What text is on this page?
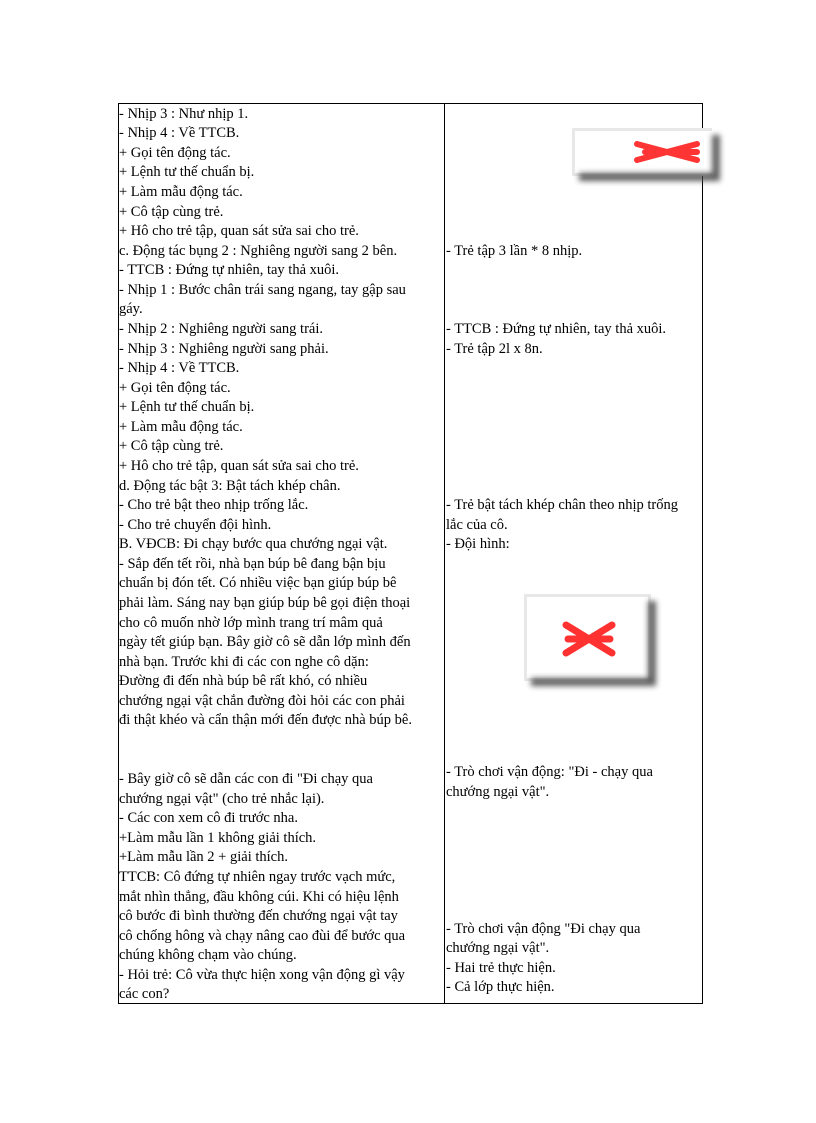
- Nhịp 3 : Như nhịp 1.
- Nhịp 4 : Về TTCB.
+ Gọi tên động tác.
+ Lệnh tư thế chuẩn bị.
+ Làm mẫu động tác.
+ Cô tập cùng trẻ.
+ Hô cho trẻ tập, quan sát sửa sai cho trẻ.
c. Động tác bụng 2 : Nghiêng người sang 2 bên.
- TTCB : Đứng tự nhiên, tay thả xuôi.
- Nhịp 1 : Bước chân trái sang ngang, tay gập sau
gáy.
- Nhịp 2 : Nghiêng người sang trái.
- Nhịp 3 : Nghiêng người sang phải.
- Nhịp 4 : Về TTCB.
+ Gọi tên động tác.
+ Lệnh tư thế chuẩn bị.
+ Làm mẫu động tác.
+ Cô tập cùng trẻ.
+ Hô cho trẻ tập, quan sát sửa sai cho trẻ.
d. Động tác bật 3: Bật tách khép chân.
- Cho trẻ bật theo nhịp trống lắc.
- Cho trẻ chuyển đội hình.
B. VĐCB: Đi chạy bước qua chướng ngại vật.
- Sắp đến tết rồi, nhà bạn búp bê đang bận bịu
chuẩn bị đón tết. Có nhiều việc bạn giúp búp bê
phải làm. Sáng nay bạn giúp búp bê gọi điện thoại
cho cô muốn nhờ lớp mình trang trí mâm quả
ngày tết giúp bạn. Bây giờ cô sẽ dẫn lớp mình đến
nhà bạn. Trước khi đi các con nghe cô dặn:
Đường đi đến nhà búp bê rất khó, có nhiều
chướng ngại vật chắn đường đòi hỏi các con phải
đi thật khéo và cẩn thận mới đến được nhà búp bê.
- Bây giờ cô sẽ dẫn các con đi "Đi chạy qua
chướng ngại vật" (cho trẻ nhắc lại).
- Các con xem cô đi trước nha.
+Làm mẫu lần 1 không giải thích.
+Làm mẫu lần 2 + giải thích.
TTCB: Cô đứng tự nhiên ngay trước vạch mức,
mắt nhìn thẳng, đầu không cúi. Khi có hiệu lệnh
cô bước đi bình thường đến chướng ngại vật tay
cô chống hông và chạy nâng cao đùi để bước qua
chúng không chạm vào chúng.
- Hỏi trẻ: Cô vừa thực hiện xong vận động gì vậy
các con?
- Trẻ tập 3 lần * 8 nhịp.
- TTCB : Đứng tự nhiên, tay thả xuôi.
- Trẻ tập 2l x 8n.
- Trẻ bật tách khép chân theo nhịp trống
lắc của cô.
- Đội hình:
- Trò chơi vận động: "Đi - chạy qua
chướng ngại vật".
- Trò chơi vận động "Đi chạy qua
chướng ngại vật".
- Hai trẻ thực hiện.
- Cả lớp thực hiện.
